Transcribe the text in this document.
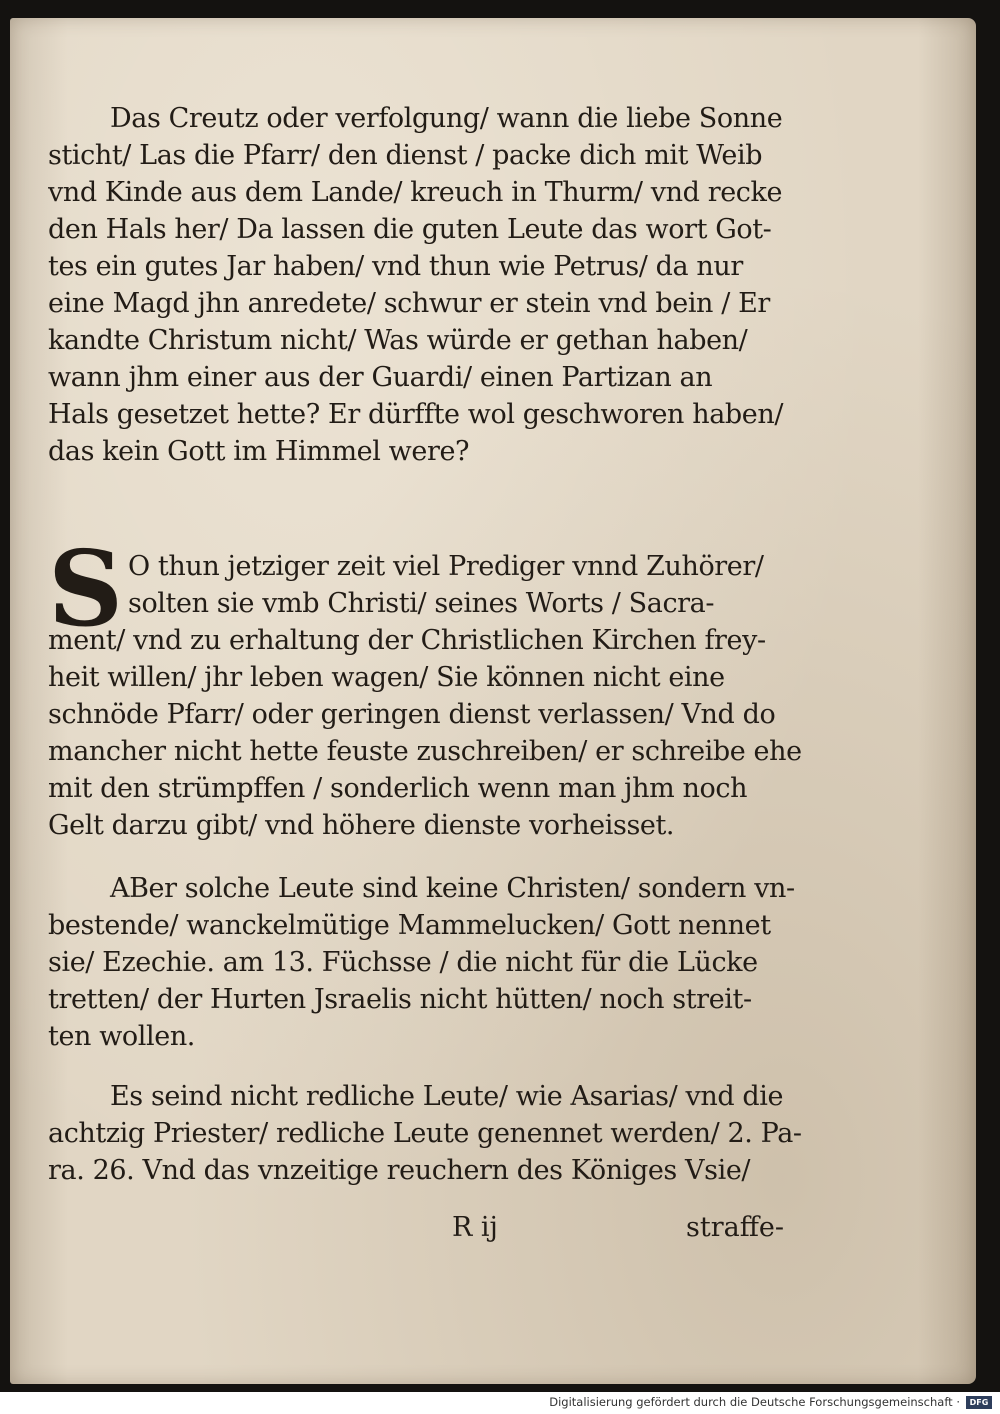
Das Creutz oder verfolgung/ wann die liebe Sonne
sticht/ Las die Pfarr/ den dienst / packe dich mit Weib
vnd Kinde aus dem Lande/ kreuch in Thurm/ vnd recke
den Hals her/ Da lassen die guten Leute das wort Got-
tes ein gutes Jar haben/ vnd thun wie Petrus/ da nur
eine Magd jhn anredete/ schwur er stein vnd bein / Er
kandte Christum nicht/ Was würde er gethan haben/
wann jhm einer aus der Guardi/ einen Partizan an
Hals gesetzet hette? Er dürffte wol geschworen haben/
das kein Gott im Himmel were?
S O thun jetziger zeit viel Prediger vnnd Zuhörer/
solten sie vmb Christi/ seines Worts / Sacra-
ment/ vnd zu erhaltung der Christlichen Kirchen frey-
heit willen/ jhr leben wagen/ Sie können nicht eine
schnöde Pfarr/ oder geringen dienst verlassen/ Vnd do
mancher nicht hette feuste zuschreiben/ er schreibe ehe
mit den strümpffen / sonderlich wenn man jhm noch
Gelt darzu gibt/ vnd höhere dienste vorheisset.
ABer solche Leute sind keine Christen/ sondern vn-
bestende/ wanckelmütige Mammelucken/ Gott nennet
sie/ Ezechie. am 13. Füchsse / die nicht für die Lücke
tretten/ der Hurten Jsraelis nicht hütten/ noch streit-
ten wollen.
Es seind nicht redliche Leute/ wie Asarias/ vnd die
achtzig Priester/ redliche Leute genennet werden/ 2. Pa-
ra. 26. Vnd das vnzeitige reuchern des Königes Vsie/
R ij	straffe-
Digitalisierung gefördert durch die Deutsche Forschungsgemeinschaft ·	DFG
